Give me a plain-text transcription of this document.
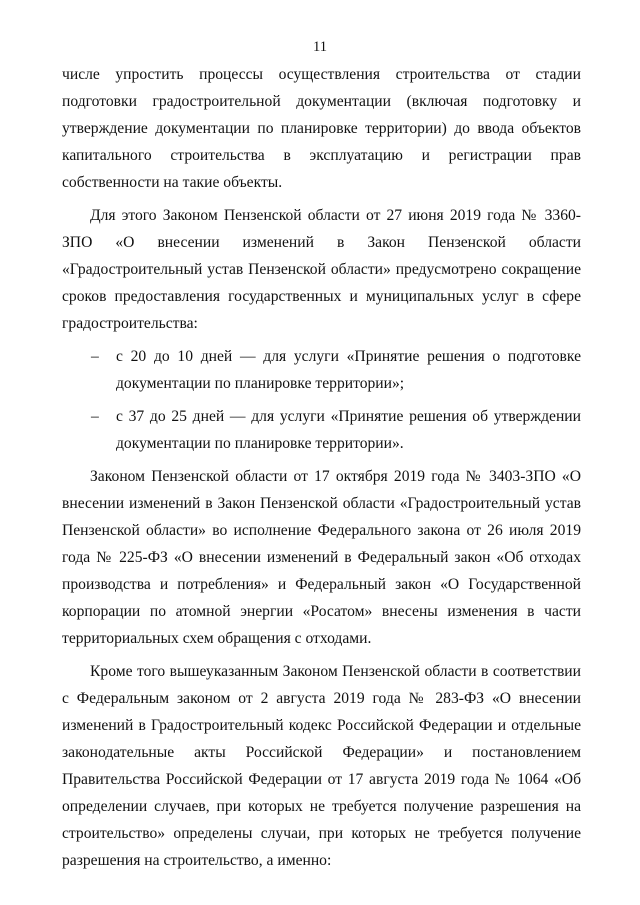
11

числе упростить процессы осуществления строительства от стадии подготовки градостроительной документации (включая подготовку и утверждение документации по планировке территории) до ввода объектов капитального строительства в эксплуатацию и регистрации прав собственности на такие объекты.

Для этого Законом Пензенской области от 27 июня 2019 года № 3360-ЗПО «О внесении изменений в Закон Пензенской области «Градостроительный устав Пензенской области» предусмотрено сокращение сроков предоставления государственных и муниципальных услуг в сфере градостроительства:

– с 20 до 10 дней — для услуги «Принятие решения о подготовке документации по планировке территории»;
– с 37 до 25 дней — для услуги «Принятие решения об утверждении документации по планировке территории».

Законом Пензенской области от 17 октября 2019 года № 3403-ЗПО «О внесении изменений в Закон Пензенской области «Градостроительный устав Пензенской области» во исполнение Федерального закона от 26 июля 2019 года № 225-ФЗ «О внесении изменений в Федеральный закон «Об отходах производства и потребления» и Федеральный закон «О Государственной корпорации по атомной энергии «Росатом» внесены изменения в части территориальных схем обращения с отходами.

Кроме того вышеуказанным Законом Пензенской области в соответствии с Федеральным законом от 2 августа 2019 года № 283-ФЗ «О внесении изменений в Градостроительный кодекс Российской Федерации и отдельные законодательные акты Российской Федерации» и постановлением Правительства Российской Федерации от 17 августа 2019 года № 1064 «Об определении случаев, при которых не требуется получение разрешения на строительство» определены случаи, при которых не требуется получение разрешения на строительство, а именно:
